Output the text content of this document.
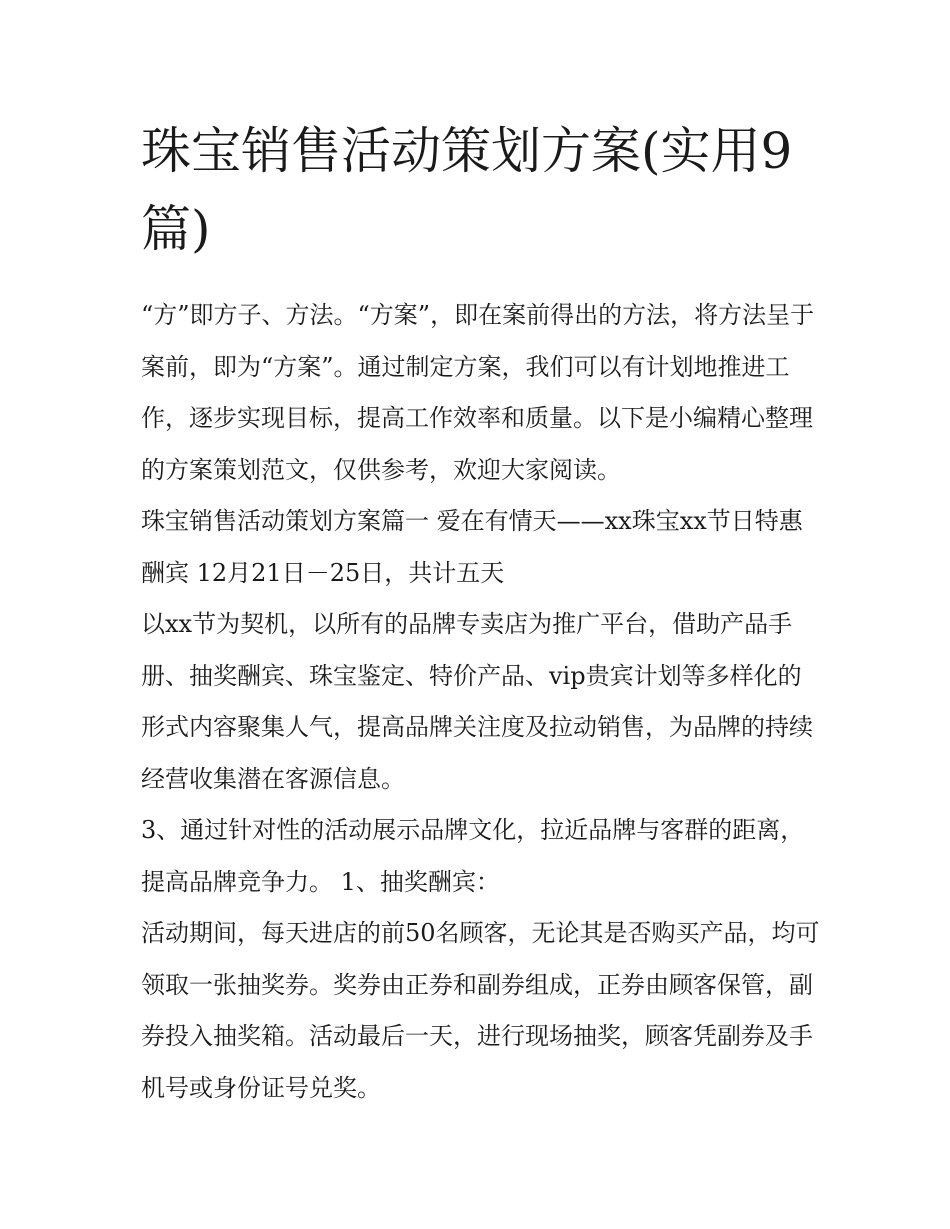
珠宝销售活动策划方案(实用9篇)

“方”即方子、方法。“方案”，即在案前得出的方法，将方法呈于案前，即为“方案”。通过制定方案，我们可以有计划地推进工作，逐步实现目标，提高工作效率和质量。以下是小编精心整理的方案策划范文，仅供参考，欢迎大家阅读。

珠宝销售活动策划方案篇一 爱在有情天——xx珠宝xx节日特惠酬宾 12月21日－25日，共计五天

以xx节为契机，以所有的品牌专卖店为推广平台，借助产品手册、抽奖酬宾、珠宝鉴定、特价产品、vip贵宾计划等多样化的形式内容聚集人气，提高品牌关注度及拉动销售，为品牌的持续经营收集潜在客源信息。

3、通过针对性的活动展示品牌文化，拉近品牌与客群的距离，提高品牌竞争力。 1、抽奖酬宾：

活动期间，每天进店的前50名顾客，无论其是否购买产品，均可领取一张抽奖券。奖券由正券和副券组成，正券由顾客保管，副券投入抽奖箱。活动最后一天，进行现场抽奖，顾客凭副券及手机号或身份证号兑奖。
